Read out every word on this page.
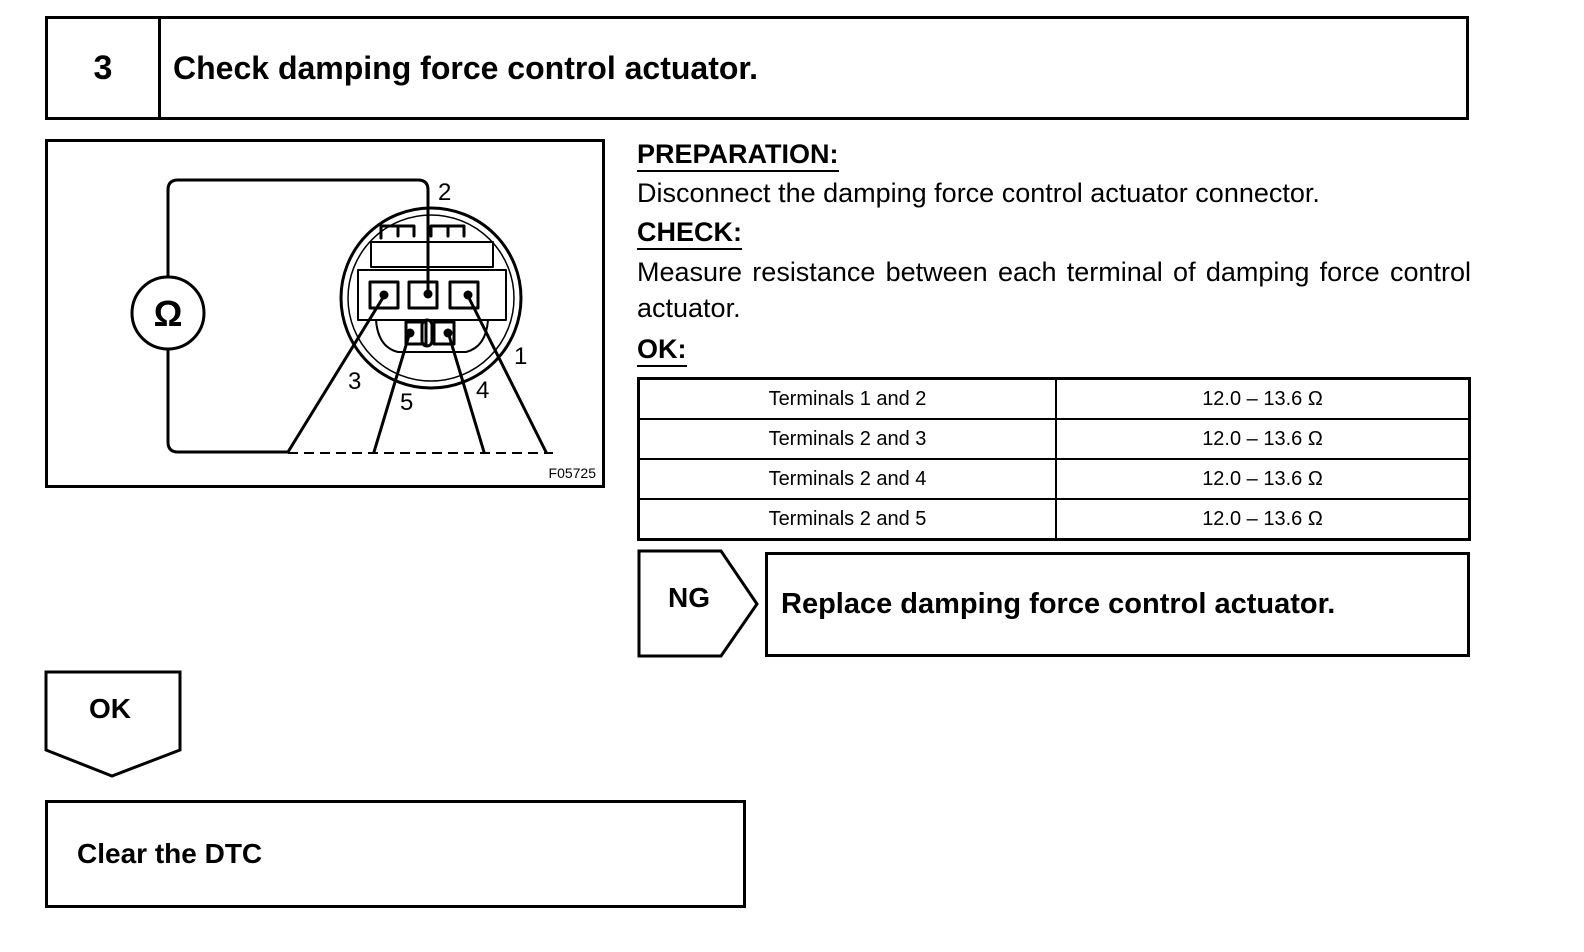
3	Check damping force control actuator.
Ω
2
1
3
5	4
F05725
PREPARATION:
Disconnect the damping force control actuator connector.
CHECK:
Measure resistance between each terminal of damping force control actuator.
OK:
Terminals 1 and 2	12.0 – 13.6 Ω
Terminals 2 and 3	12.0 – 13.6 Ω
Terminals 2 and 4	12.0 – 13.6 Ω
Terminals 2 and 5	12.0 – 13.6 Ω
NG	Replace damping force control actuator.
OK
Clear the DTC
